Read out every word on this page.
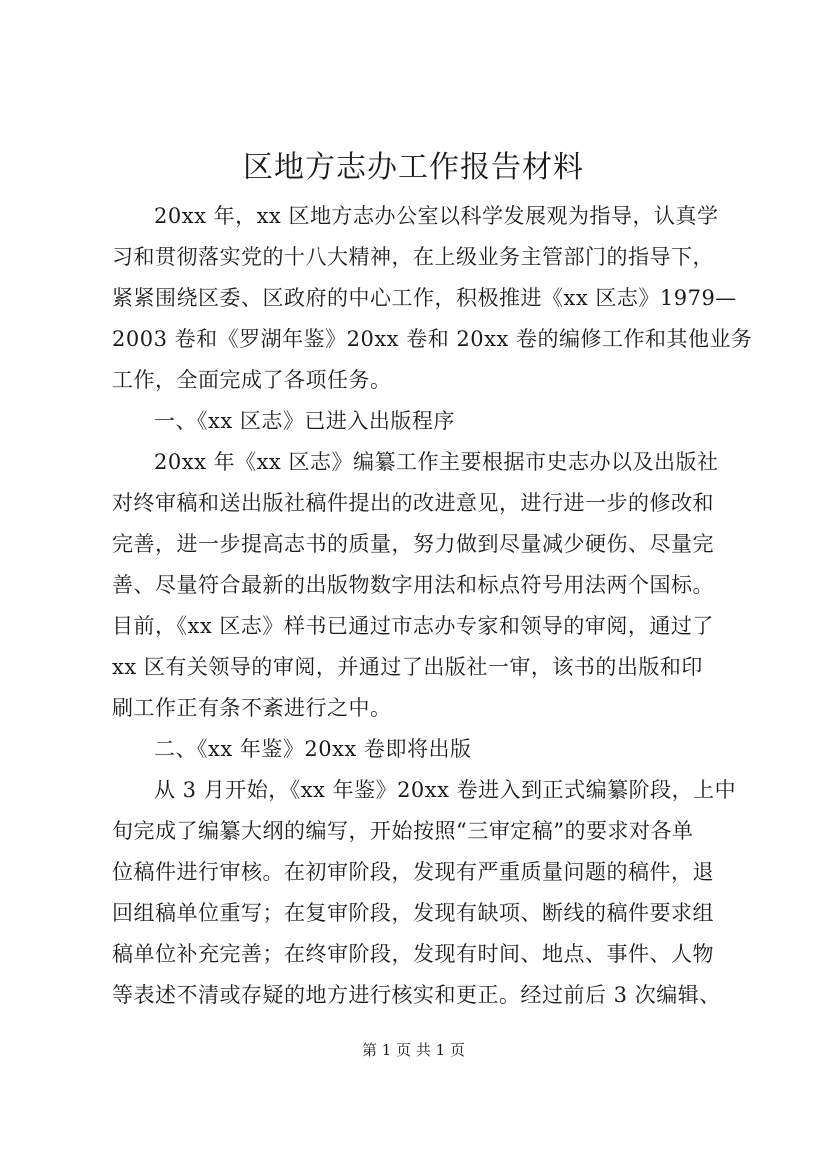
区地方志办工作报告材料
20xx 年，xx 区地方志办公室以科学发展观为指导，认真学
习和贯彻落实党的十八大精神，在上级业务主管部门的指导下，
紧紧围绕区委、区政府的中心工作，积极推进《xx 区志》1979—
2003 卷和《罗湖年鉴》20xx 卷和 20xx 卷的编修工作和其他业务
工作，全面完成了各项任务。
一、《xx 区志》已进入出版程序
20xx 年《xx 区志》编纂工作主要根据市史志办以及出版社
对终审稿和送出版社稿件提出的改进意见，进行进一步的修改和
完善，进一步提高志书的质量，努力做到尽量减少硬伤、尽量完
善、尽量符合最新的出版物数字用法和标点符号用法两个国标。
目前，《xx 区志》样书已通过市志办专家和领导的审阅，通过了
xx 区有关领导的审阅，并通过了出版社一审，该书的出版和印
刷工作正有条不紊进行之中。
二、《xx 年鉴》20xx 卷即将出版
从 3 月开始，《xx 年鉴》20xx 卷进入到正式编纂阶段，上中
旬完成了编纂大纲的编写，开始按照“三审定稿”的要求对各单
位稿件进行审核。在初审阶段，发现有严重质量问题的稿件，退
回组稿单位重写；在复审阶段，发现有缺项、断线的稿件要求组
稿单位补充完善；在终审阶段，发现有时间、地点、事件、人物
等表述不清或存疑的地方进行核实和更正。经过前后 3 次编辑、
第 1 页 共 1 页
